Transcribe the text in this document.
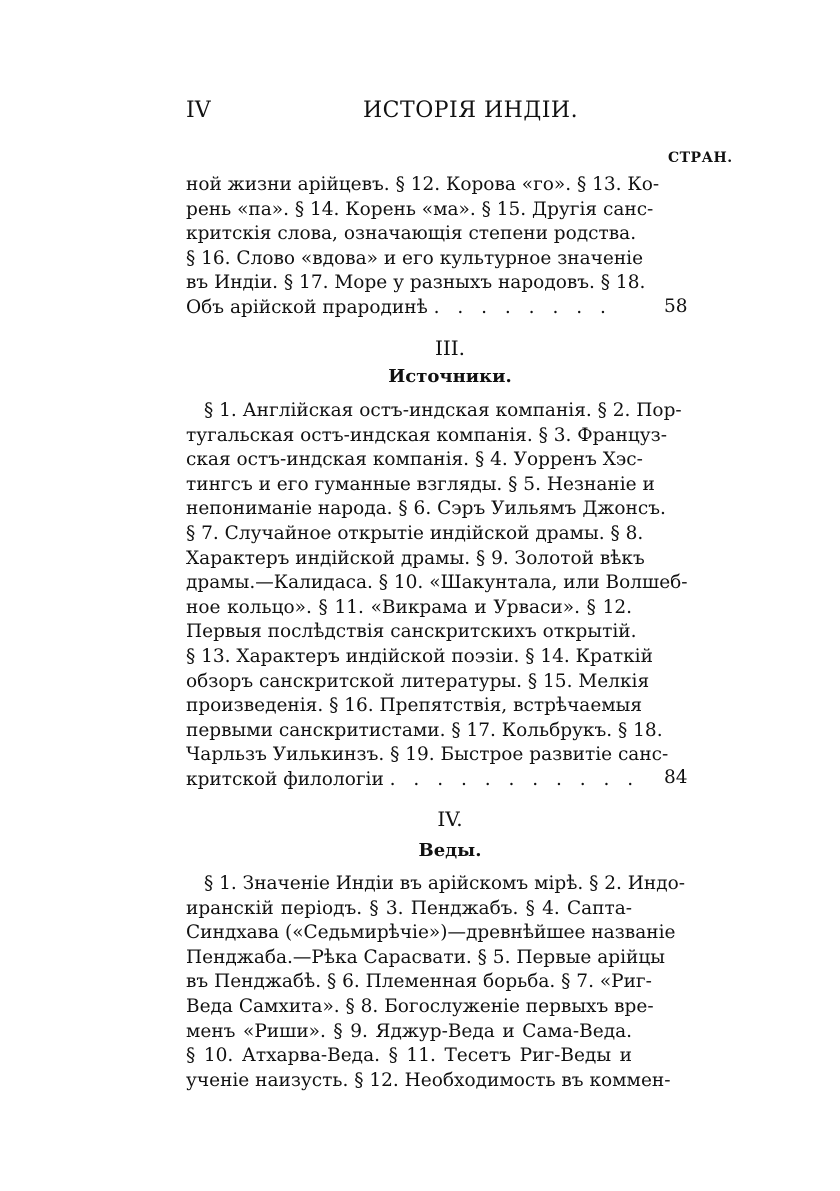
IV	ИСТОРІЯ ИНДІИ.
СТРАН.
ной жизни арійцевъ. § 12. Корова «го». § 13. Ко-
рень «па». § 14. Корень «ма». § 15. Другія санс-
критскія слова, означающія степени родства.
§ 16. Слово «вдова» и его культурное значеніе
въ Индіи. § 17. Море у разныхъ народовъ. § 18.
Объ арійской прародинѣ . . . . . . . .	58
III.
Источники.
§ 1. Англійская остъ-индская компанія. § 2. Пор-
тугальская остъ-индская компанія. § 3. Француз-
ская остъ-индская компанія. § 4. Уорренъ Хэс-
тингсъ и его гуманные взгляды. § 5. Незнаніе и
непониманіе народа. § 6. Сэръ Уильямъ Джонсъ.
§ 7. Случайное открытіе индійской драмы. § 8.
Характеръ индійской драмы. § 9. Золотой вѣкъ
драмы.—Калидаса. § 10. «Шакунтала, или Волшеб-
ное кольцо». § 11. «Викрама и Урваси». § 12.
Первыя послѣдствія санскритскихъ открытій.
§ 13. Характеръ индійской поэзіи. § 14. Краткій
обзоръ санскритской литературы. § 15. Мелкія
произведенія. § 16. Препятствія, встрѣчаемыя
первыми санскритистами. § 17. Кольбрукъ. § 18.
Чарльзъ Уилькинзъ. § 19. Быстрое развитіе санс-
критской филологіи . . . . . . . . . . . 84
IV.
Веды.
§ 1. Значеніе Индіи въ арійскомъ мірѣ. § 2. Индо-
иранскій періодъ. § 3. Пенджабъ. § 4. Сапта-
Синдхава («Седьмирѣчіе»)—древнѣйшее названіе
Пенджаба.—Рѣка Сарасвати. § 5. Первые арійцы
въ Пенджабѣ. § 6. Племенная борьба. § 7. «Риг-
Веда Самхита». § 8. Богослуженіе первыхъ вре-
менъ «Риши». § 9. Яджур-Веда и Сама-Веда.
§ 10. Атхарва-Веда. § 11. Тесетъ Риг-Веды и
ученіе наизусть. § 12. Необходимость въ коммен-
